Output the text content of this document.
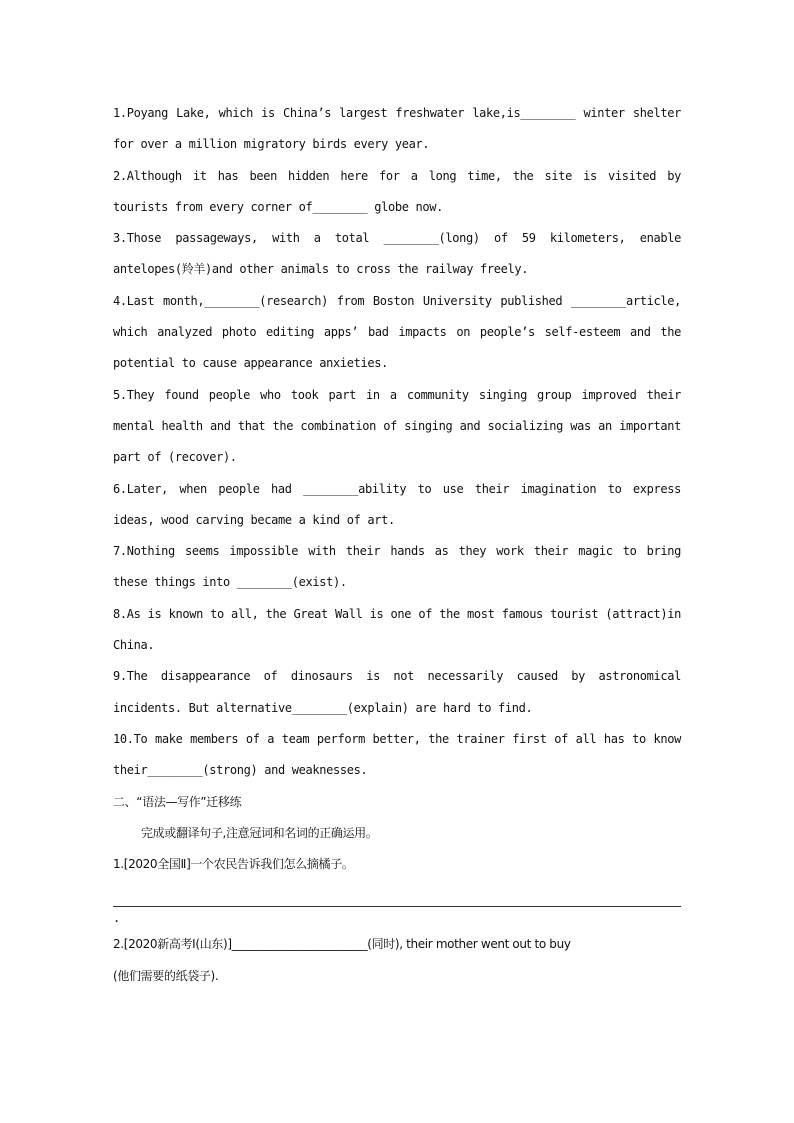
1.Poyang Lake, which is China’s largest freshwater lake,is________ winter shelter for over a million migratory birds every year.
2.Although it has been hidden here for a long time, the site is visited by tourists from every corner of________ globe now.
3.Those passageways, with a total ________(long) of 59 kilometers, enable antelopes(羚羊)and other animals to cross the railway freely.
4.Last month,________(research) from Boston University published ________article, which analyzed photo editing apps’ bad impacts on people’s self-esteem and the potential to cause appearance anxieties.
5.They found people who took part in a community singing group improved their mental health and that the combination of singing and socializing was an important part of (recover).
6.Later, when people had ________ability to use their imagination to express ideas, wood carving became a kind of art.
7.Nothing seems impossible with their hands as they work their magic to bring these things into ________(exist).
8.As is known to all, the Great Wall is one of the most famous tourist (attract)in China.
9.The disappearance of dinosaurs is not necessarily caused by astronomical incidents. But alternative________(explain) are hard to find.
10.To make members of a team perform better, the trainer first of all has to know their________(strong) and weaknesses.
二、“语法—写作”迁移练
完成或翻译句子,注意冠词和名词的正确运用。
1.[2020全国Ⅱ]一个农民告诉我们怎么摘橘子。
.
2.[2020新高考Ⅰ(山东)]________________________(同时), their mother went out to buy
(他们需要的纸袋子).
